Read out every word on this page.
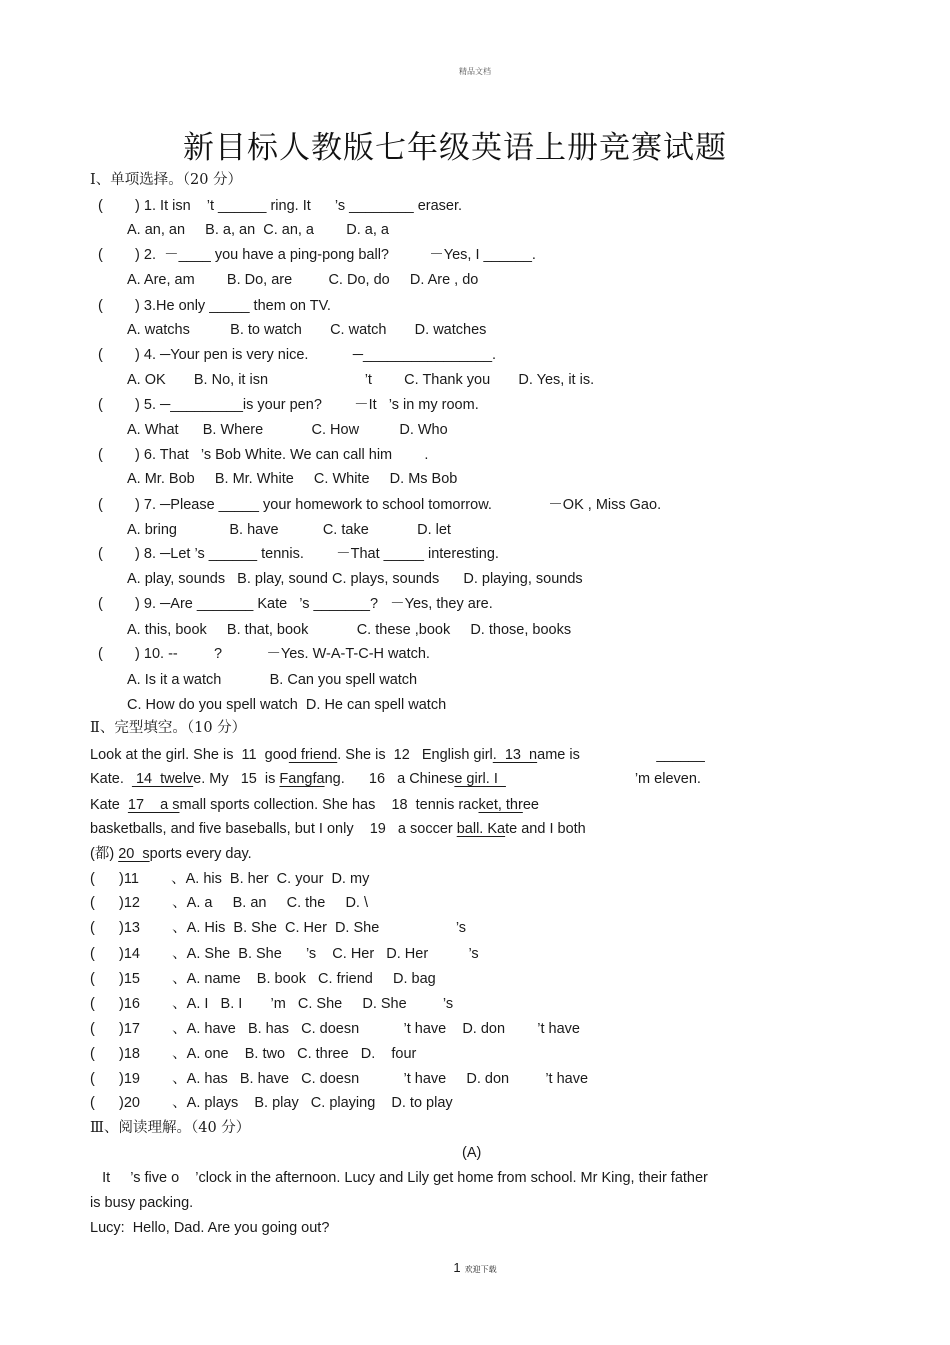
精品文档
新目标人教版七年级英语上册竞赛试题
Ⅰ、单项选择。（20 分）
(        ) 1. It isn    ’t ______ ring. It      ’s ________ eraser.
A. an, an     B. a, an  C. an, a        D. a, a
(        ) 2.  －____ you have a ping-pong ball?          －Yes, I ______.
A. Are, am        B. Do, are         C. Do, do     D. Are , do
(        ) 3.He only _____ them on TV.
A. watchs          B. to watch       C. watch       D. watches
(        ) 4. ─Your pen is very nice.           ─________________.
A. OK       B. No, it isn                        ’t        C. Thank you       D. Yes, it is.
(        ) 5. ─_________is your pen?        －It   ’s in my room.
A. What      B. Where            C. How          D. Who
(        ) 6. That   ’s Bob White. We can call him        .
A. Mr. Bob     B. Mr. White     C. White     D. Ms Bob
(        ) 7. ─Please _____ your homework to school tomorrow.              －OK , Miss Gao.
A. bring             B. have           C. take            D. let
(        ) 8. ─Let ’s ______ tennis.        －That _____ interesting.
A. play, sounds   B. play, sound C. plays, sounds      D. playing, sounds
(        ) 9. ─Are _______ Kate   ’s _______?   －Yes, they are.
A. this, book     B. that, book            C. these ,book     D. those, books
(        ) 10. --         ?           －Yes. W-A-T-C-H watch.
A. Is it a watch            B. Can you spell watch
C. How do you spell watch  D. He can spell watch
Ⅱ、完型填空。（10 分）
Look at the girl. She is  11  good friend. She is  12   English girl.  13  name is                   ______
Kate.   14  twelve. My   15  is Fangfang.      16   a Chinese girl. I                                  ’m eleven.
Kate  17    a small sports collection. She has    18  tennis racket, three
basketballs, and five baseballs, but I only    19   a soccer ball. Kate and I both
(都) 20  sports every day.
(      )11        、A. his  B. her  C. your  D. my
(      )12        、A. a     B. an     C. the     D. \
(      )13        、A. His  B. She  C. Her  D. She                   ’s
(      )14        、A. She  B. She      ’s    C. Her   D. Her          ’s
(      )15        、A. name    B. book   C. friend     D. bag
(      )16        、A. I   B. I       ’m   C. She     D. She         ’s
(      )17        、A. have   B. has   C. doesn           ’t have    D. don        ’t have
(      )18        、A. one    B. two   C. three   D.    four
(      )19        、A. has   B. have   C. doesn           ’t have     D. don         ’t have
(      )20        、A. plays    B. play   C. playing    D. to play
Ⅲ、阅读理解。（40 分）
(A)
It     ’s five o    ’clock in the afternoon. Lucy and Lily get home from school. Mr King, their father
is busy packing.
Lucy:  Hello, Dad. Are you going out?
1 欢迎下载
